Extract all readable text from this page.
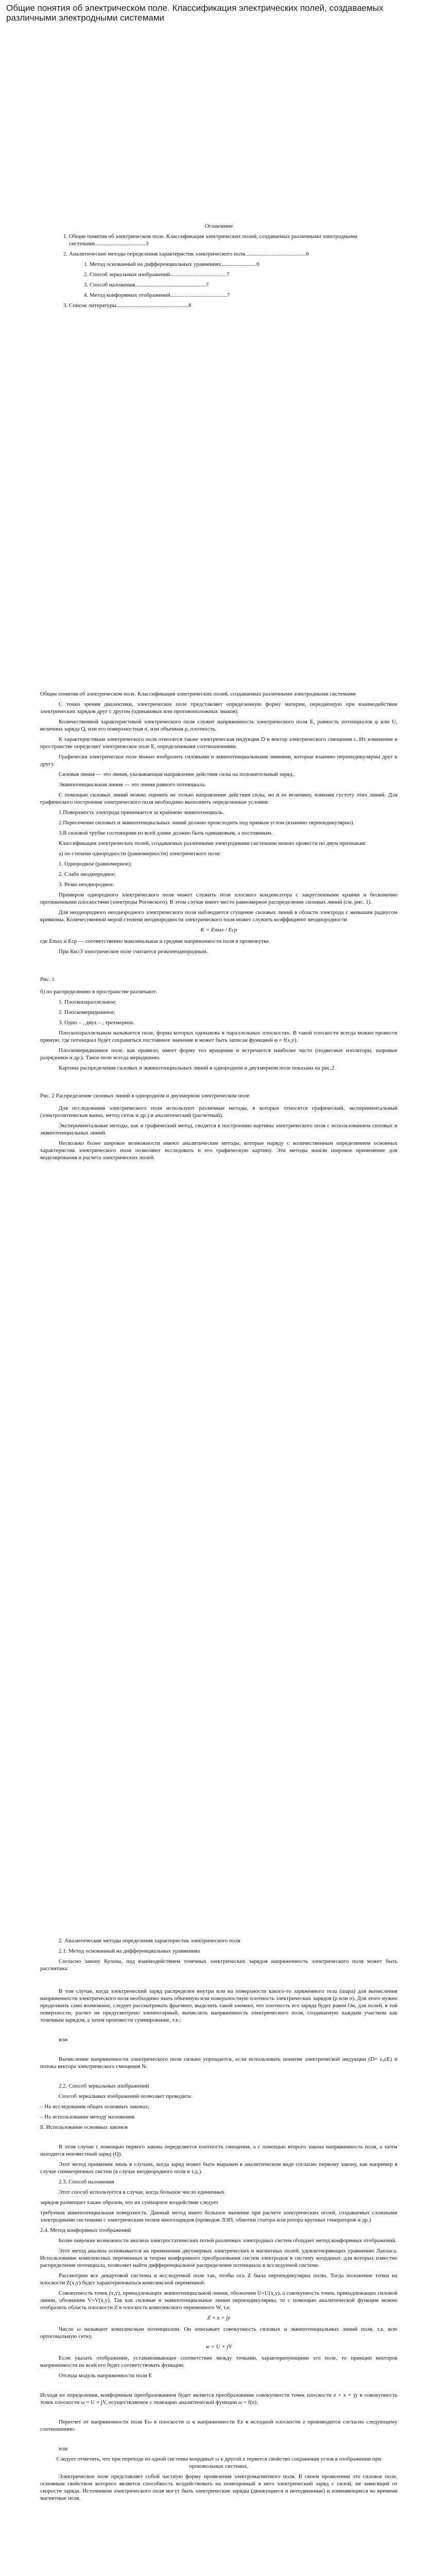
Общие понятия об электрическом поле. Классификация электрических полей, создаваемых различными электродными системами

Оглавление

1. Общие понятия об электрическом поле. Классификация электрических полей, создаваемых различными электродными системами....................................3
2. Аналитические методы определения характеристик электрического поля...........................................6
1. Метод основанный на дифференциальных уравнениях.........................6
2. Способ зеркальных изображений........................................7
3. Способ наложения..................................................7
4. Метод конформных отображений........................................7
3. Список литературы...................................................8

Общие понятия об электрическом поле. Классификация электрических полей, создаваемых различными электродными системами

С точки зрения диалектики, электрическое поле представляет определенную форму материи, передающую при взаимодействии электрических зарядов друг с другом (одинаковых или противоположных знаков).

Количественной характеристикой электрического поля служит напряженность электрического поля E, равность потенциалов φ или U, величина заряда Q, или его поверхностная σ, или объемная ρ, плотность.

К характеристикам электрического поля относятся также электрическая индукция D и вектор электрического смещения ε. Их изменение в пространстве определяет электрическое поле E, определенными соотношениями.

Графически электрическое поле можно изобразить силовыми и эквипотенциальными линиями, которые взаимно перпендикулярны друг к другу.

Силовая линия — это линия, указывающая направление действия силы на положительный заряд.

Эквипотенциальная линия — это линия равного потенциала.

С помощью силовых линий можно оценить не только направление действия силы, но и ее величину, изменяя густоту этих линий. Для графического построения электрического поля необходимо выполнить определенные условия:

1.Поверхность электрода принимается за крайнюю эквипотенциаль.

2.Пересечение силовых и эквипотенциальных линий должно происходить под прямым углом (взаимно перпендикулярно).

3.В силовой трубке состоящими из всей длине должно быть одинаковым, а постоянным.

Классификация электрических полей, создаваемых различными электродными системами можно провести по двум признакам:

а) по степени однородности (равномерности) электрического поля:

1. Однородное (равномерное);

2. Слабо неоднородное;

3. Резко неоднородное.

Примером однородного электрического поля может служить поле плоского конденсатора с закругленными краями и бесконечно протяженными плоскостями (электроды Роговского). В этом случае имеет место равномерное распределение силовых линий (см. рис. 1).

Для неоднородного неоднородного электрического поля наблюдается сгущение силовых линий в области электрода с меньшим радиусом кривизны. Количественной мерой степени неоднородности электрического поля может служить коэффициент неоднородности

K = Emax / Eср

где Emax и Eср — соответственно максимальная и средняя напряженности поля в промежутке.

При Кн≥3 электрическое поле считается резконеоднородным.

Рис. 1

б) по распределению в пространстве различают:

1. Плоскопараллельное;

2. Плоскомеридианное;

3. Одно – , двух – , трехмерное.

Плоскопараллельным называется поле, форма которых одинакова в параллельных плоскостях. В такой плоскости всегда можно провести прямую, где потенциал будет сохраняться постоянное значение и может быть записан функцией φ = f(x,y).

Плоскомеридианное поле, как правило, имеет форму тел вращения и встречается наиболее часто (подвесные изоляторы, шаровые разрядники и др.). Такое поле всегда меридианно.

Картина распределения силовых и эквипотенциальных линий в однородном и двухмерном поле показана на рис.2

Рис. 2 Распределение силовых линий в однородном и двухмерном электрическом поле

Для исследования электрического поля используют различные методы, в которых относятся графический, экспериментальный (электролитическая ванна, метод сеток и др.) и аналитический (расчетный).

Экспериментальные методы, как и графический метод, сводятся к построению картины электрического поля с использованием силовых и эквипотенциальных линий.

Несколько более широкое возможности имеют аналитические методы, которые наряду с количественным определением основных характеристик электрического поля позволяют исследовать и его графическую картину. Эти методы нашли широкое применение для моделирования и расчета электрических полей.

2. Аналитические методы определения характеристик электрического поля

2.1. Метод основанный на дифференциальных уравнениях

Согласно закону Кулона, под взаимодействием точечных электрических зарядов напряженность электрического поля может быть рассчитана:

В том случае, когда электрический заряд распределен внутри или на поверхности какого-то заряженного тела (шара) для вычисления напряженности электрического поля необходимо знать объемную или поверхностную плотность электрических зарядов (ρ или σ). Для этого нужно продолжить само возможное, следует рассматривать фрагмент, выделить такой элемент, что плотность его заряда будет равен Он, для полей, в той поверхности, расчет не предусмотрено элементарный, вычислить напряженность электрического поля, создаваемую каждым участком как точечным зарядом, а затем произвести суммирование, т.е.:

или

Вычисление напряженности электрического поля сильно упрощается, если использовать понятие электрической индукции (D= ε₀εE) и потока вектора электрического смещения N:

2.2. Способ зеркальных изображений

Способ зеркальных изображений позволяет проводить:

– На исследовании общих основных законах;

– На использовании методу наложения.

ll. Использование основных законов

В этом случае с помощью первого закона определяется плотность смещения, а с помощью второго закона напряженность поля, а затем находится неизвестный заряд (Q).

Этот метод применим лишь в случаях, когда заряд может быть выражен в аналитическом виде согласно первому закону, как например в случае симметричных систем (в случае неоднородного поля и т.д.).

2.3. Способ наложения

Этот способ используется в случае, когда большое число единичных

зарядов размещает также образом, что их суммарное воздействие следует

требуемая эквипотенциальная поверхность. Данный метод имеет большое значение при расчете электрических полей, создаваемых сложными электродными системами с электрическим полем многозарядов (проводов ЛЭП, обмотки статора или ротора крупных генераторов и др.)

2.4. Метод конформных отображений

Более широкие возможности анализа электростатических полей различных электродных систем обладает метод конформных отображений.

Этот метод анализа основывается на применении двухмерных электрических и магнитных полей, удовлетворяющих уравнению Лапласа. Использование комплексных переменных и теории конформного преобразования систем электродов в систему координат, для которых известно распределение потенциала, позволяет найти дифференциальное распределение потенциала в исследуемой системе.

Рассмотрим все декартовой системы в исследуемой поле так, чтобы ось Z была перпендикулярна полю. Тогда положение точки на плоскости Z(x,y) будет характеризоваться комплексной переменной:

Совокупность точек (x,y), принадлежащих эквипотенциальной линии, обозначим U=U(x,y), а совокупность точек, принадлежащих силовой линии, обозначим V=V(x,y). Так как силовые и эквипотенциальные линии перпендикулярны, то с помощью аналитической функции можно отобразить область плоскости Z в плоскость комплексного переменного W, т.е.

Z = x + jy

Число ω называют комплексным потенциалом. Он описывает совокупность силовых и эквипотенциальных линий поля, т.е. всю ортогональную сетку.

w = U + jV

Если указать отображение, устанавливающее соответствие между точками, характеризующими это поле, то принцип векторов напряженности на всей его будет соответствовать функции:

Отсюда модуль напряженности поля E

Исходя из определения, конформным преобразованием будет является преобразование совокупности точек плоскости z = x + jy в совокупность точек плоскости ω = U + jV, осуществляемое с помощью аналитической функции ω = f(z):

Пересчет от напряженности поля Eω в плоскости ω к напряженности Ez в исходной плоскости z производится согласно следующему соотношению:

или

Следует отметить, что при переходе из одной системы координат ω к другой z теряется свойство сохранения углов в отображении при произвольных системах.

Электрическое поле представляет собой частную форму проявления электромагнитного поля. В своем проявлении это силовое поле, основным свойством которого является способность воздействовать на помещенный в него электрический заряд с силой, не зависящей от скорости заряда. Источником электрического поля могут быть электрические заряды (движущиеся и неподвижные) и изменяющиеся во времени магнитные поля.
